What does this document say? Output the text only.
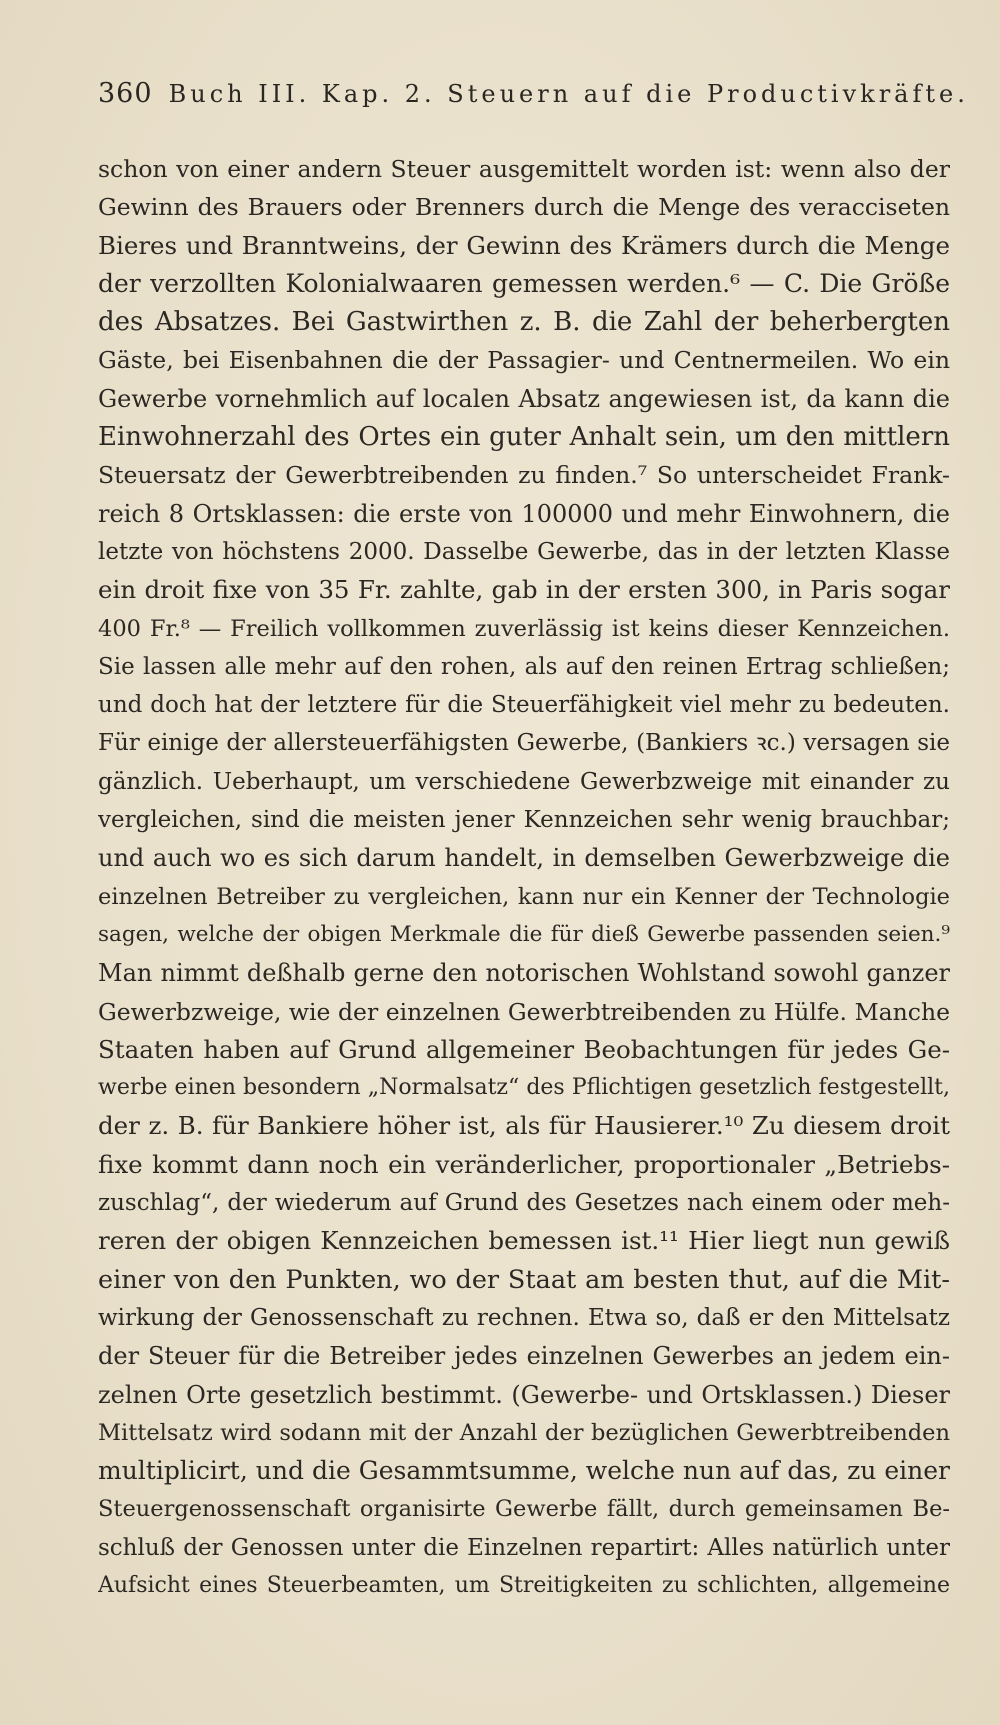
360 Buch III. Kap. 2. Steuern auf die Productivkräfte.
schon von einer andern Steuer ausgemittelt worden ist: wenn also der
Gewinn des Brauers oder Brenners durch die Menge des veracciseten
Bieres und Branntweins, der Gewinn des Krämers durch die Menge
der verzollten Kolonialwaaren gemessen werden.⁶ — C. Die Größe
des Absatzes. Bei Gastwirthen z. B. die Zahl der beherbergten
Gäste, bei Eisenbahnen die der Passagier- und Centnermeilen. Wo ein
Gewerbe vornehmlich auf localen Absatz angewiesen ist, da kann die
Einwohnerzahl des Ortes ein guter Anhalt sein, um den mittlern
Steuersatz der Gewerbtreibenden zu finden.⁷ So unterscheidet Frank-
reich 8 Ortsklassen: die erste von 100000 und mehr Einwohnern, die
letzte von höchstens 2000. Dasselbe Gewerbe, das in der letzten Klasse
ein droit fixe von 35 Fr. zahlte, gab in der ersten 300, in Paris sogar
400 Fr.⁸ — Freilich vollkommen zuverlässig ist keins dieser Kennzeichen.
Sie lassen alle mehr auf den rohen, als auf den reinen Ertrag schließen;
und doch hat der letztere für die Steuerfähigkeit viel mehr zu bedeuten.
Für einige der allersteuerfähigsten Gewerbe, (Bankiers ꝛc.) versagen sie
gänzlich. Ueberhaupt, um verschiedene Gewerbzweige mit einander zu
vergleichen, sind die meisten jener Kennzeichen sehr wenig brauchbar;
und auch wo es sich darum handelt, in demselben Gewerbzweige die
einzelnen Betreiber zu vergleichen, kann nur ein Kenner der Technologie
sagen, welche der obigen Merkmale die für dieß Gewerbe passenden seien.⁹
Man nimmt deßhalb gerne den notorischen Wohlstand sowohl ganzer
Gewerbzweige, wie der einzelnen Gewerbtreibenden zu Hülfe. Manche
Staaten haben auf Grund allgemeiner Beobachtungen für jedes Ge-
werbe einen besondern „Normalsatz“ des Pflichtigen gesetzlich festgestellt,
der z. B. für Bankiere höher ist, als für Hausierer.¹⁰ Zu diesem droit
fixe kommt dann noch ein veränderlicher, proportionaler „Betriebs-
zuschlag“, der wiederum auf Grund des Gesetzes nach einem oder meh-
reren der obigen Kennzeichen bemessen ist.¹¹ Hier liegt nun gewiß
einer von den Punkten, wo der Staat am besten thut, auf die Mit-
wirkung der Genossenschaft zu rechnen. Etwa so, daß er den Mittelsatz
der Steuer für die Betreiber jedes einzelnen Gewerbes an jedem ein-
zelnen Orte gesetzlich bestimmt. (Gewerbe- und Ortsklassen.) Dieser
Mittelsatz wird sodann mit der Anzahl der bezüglichen Gewerbtreibenden
multiplicirt, und die Gesammtsumme, welche nun auf das, zu einer
Steuergenossenschaft organisirte Gewerbe fällt, durch gemeinsamen Be-
schluß der Genossen unter die Einzelnen repartirt: Alles natürlich unter
Aufsicht eines Steuerbeamten, um Streitigkeiten zu schlichten, allgemeine
